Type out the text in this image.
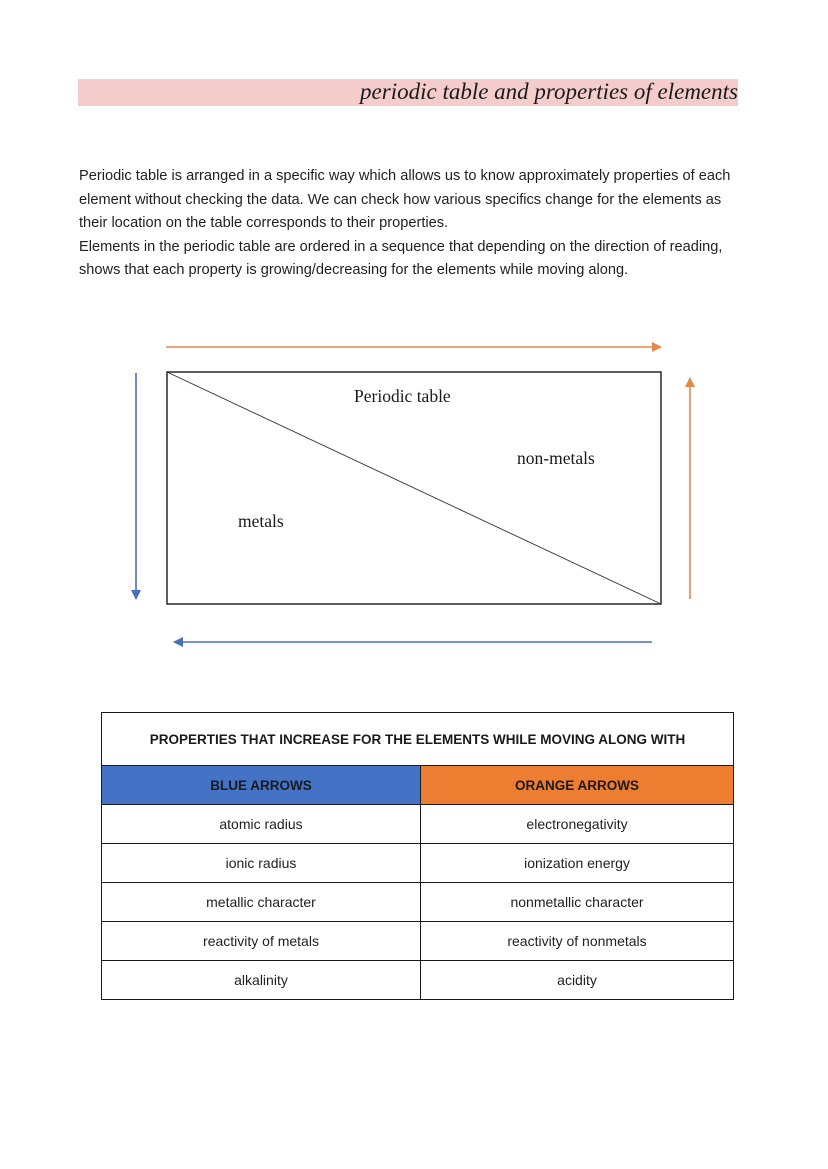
periodic table and properties of elements

Periodic table is arranged in a specific way which allows us to know approximately properties of each element without checking the data. We can check how various specifics change for the elements as their location on the table corresponds to their properties.

Elements in the periodic table are ordered in a sequence that depending on the direction of reading, shows that each property is growing/decreasing for the elements while moving along.

Periodic table
non-metals
metals
PROPERTIES THAT INCREASE FOR THE ELEMENTS WHILE MOVING ALONG WITH	
BLUE ARROWS	ORANGE ARROWS
atomic radius	electronegativity
ionic radius	ionization energy
metallic character	nonmetallic character
reactivity of metals	reactivity of nonmetals
alkalinity	acidity
